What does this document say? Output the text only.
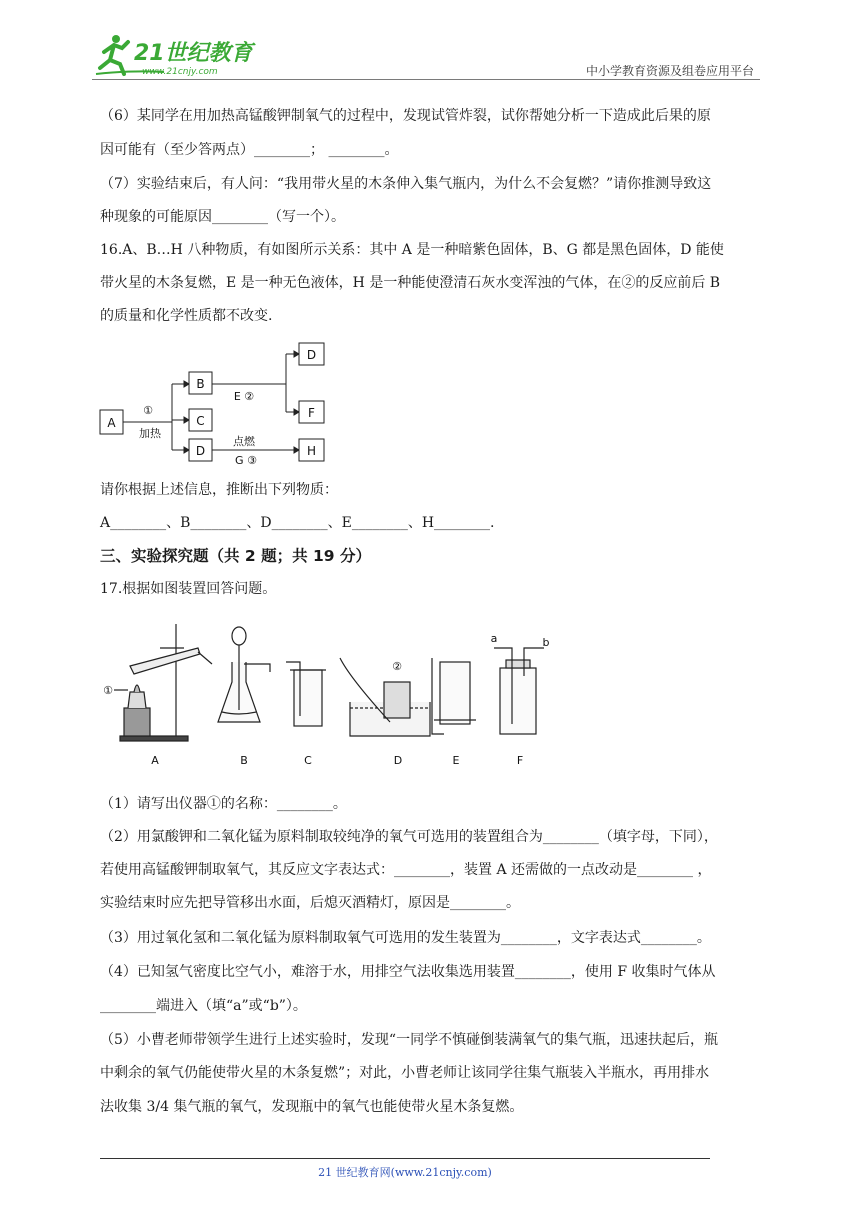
21世纪教育
www.21cnjy.com	中小学教育资源及组卷应用平台

（6）某同学在用加热高锰酸钾制氧气的过程中，发现试管炸裂，试你帮她分析一下造成此后果的原

因可能有（至少答两点）________； ________。

（7）实验结束后，有人问：“我用带火星的木条伸入集气瓶内，为什么不会复燃？”请你推测导致这

种现象的可能原因________（写一个）。

16.A、B…H 八种物质，有如图所示关系：其中 A 是一种暗紫色固体，B、G 都是黑色固体，D 能使

带火星的木条复燃，E 是一种无色液体，H 是一种能使澄清石灰水变浑浊的气体，在②的反应前后 B

的质量和化学性质都不改变.

A
B
C
D
D
F
H
①
加热
E ②
点燃
G ③

请你根据上述信息，推断出下列物质：

A________、B________、D________、E________、H________.

三、实验探究题（共 2 题；共 19 分）

17.根据如图装置回答问题。

①
②
a	b
A	B	C	D	E	F

（1）请写出仪器①的名称：________。

（2）用氯酸钾和二氧化锰为原料制取较纯净的氧气可选用的装置组合为________（填字母，下同），

若使用高锰酸钾制取氧气，其反应文字表达式：________，装置 A 还需做的一点改动是________ ，

实验结束时应先把导管移出水面，后熄灭酒精灯，原因是________。

（3）用过氧化氢和二氧化锰为原料制取氧气可选用的发生装置为________，文字表达式________。

（4）已知氢气密度比空气小，难溶于水，用排空气法收集选用装置________，使用 F 收集时气体从

________端进入（填“a”或“b”）。

（5）小曹老师带领学生进行上述实验时，发现“一同学不慎碰倒装满氧气的集气瓶，迅速扶起后，瓶

中剩余的氧气仍能使带火星的木条复燃”；对此，小曹老师让该同学往集气瓶装入半瓶水，再用排水

法收集 3/4 集气瓶的氧气，发现瓶中的氧气也能使带火星木条复燃。

21 世纪教育网(www.21cnjy.com)
